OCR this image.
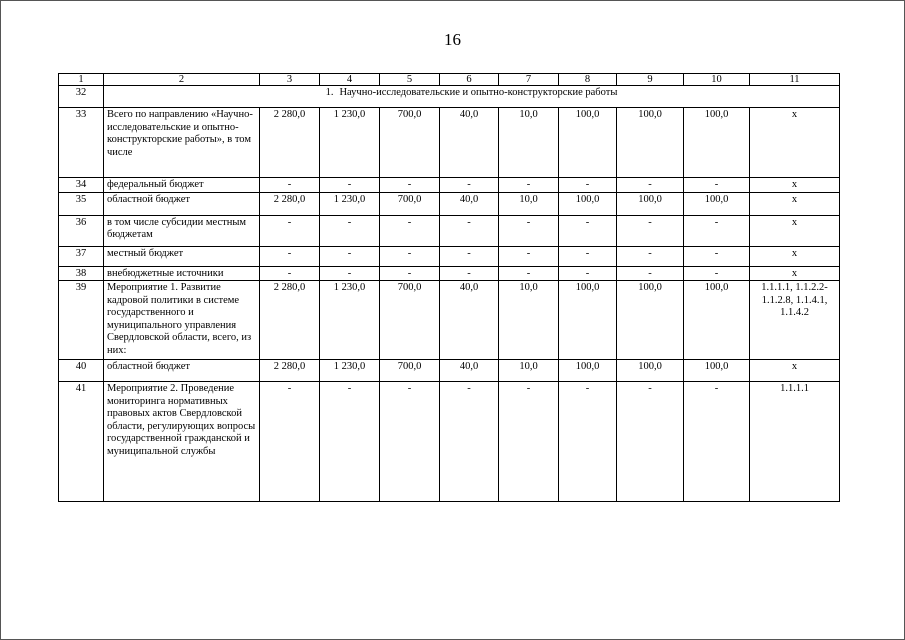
16
1	2	3	4	5	6	7	8	9	10	11
32	1. Научно-исследовательские и опытно-конструкторские работы									
33	Всего по направлению «Научно-исследовательские и опытно-конструкторские работы», в том числе	2 280,0	1 230,0	700,0	40,0	10,0	100,0	100,0	100,0	х
34	федеральный бюджет	-	-	-	-	-	-	-	-	х
35	областной бюджет	2 280,0	1 230,0	700,0	40,0	10,0	100,0	100,0	100,0	х
36	в том числе субсидии местным бюджетам	-	-	-	-	-	-	-	-	х
37	местный бюджет	-	-	-	-	-	-	-	-	х
38	внебюджетные источники	-	-	-	-	-	-	-	-	х
39	Мероприятие 1. Развитие кадровой политики в системе государственного и муниципального управления Свердловской области, всего, из них:	2 280,0	1 230,0	700,0	40,0	10,0	100,0	100,0	100,0	1.1.1.1, 1.1.2.2-1.1.2.8, 1.1.4.1, 1.1.4.2
40	областной бюджет	2 280,0	1 230,0	700,0	40,0	10,0	100,0	100,0	100,0	х
41	Мероприятие 2. Проведение мониторинга нормативных правовых актов Свердловской области, регулирующих вопросы государственной гражданской и муниципальной службы	-	-	-	-	-	-	-	-	1.1.1.1
